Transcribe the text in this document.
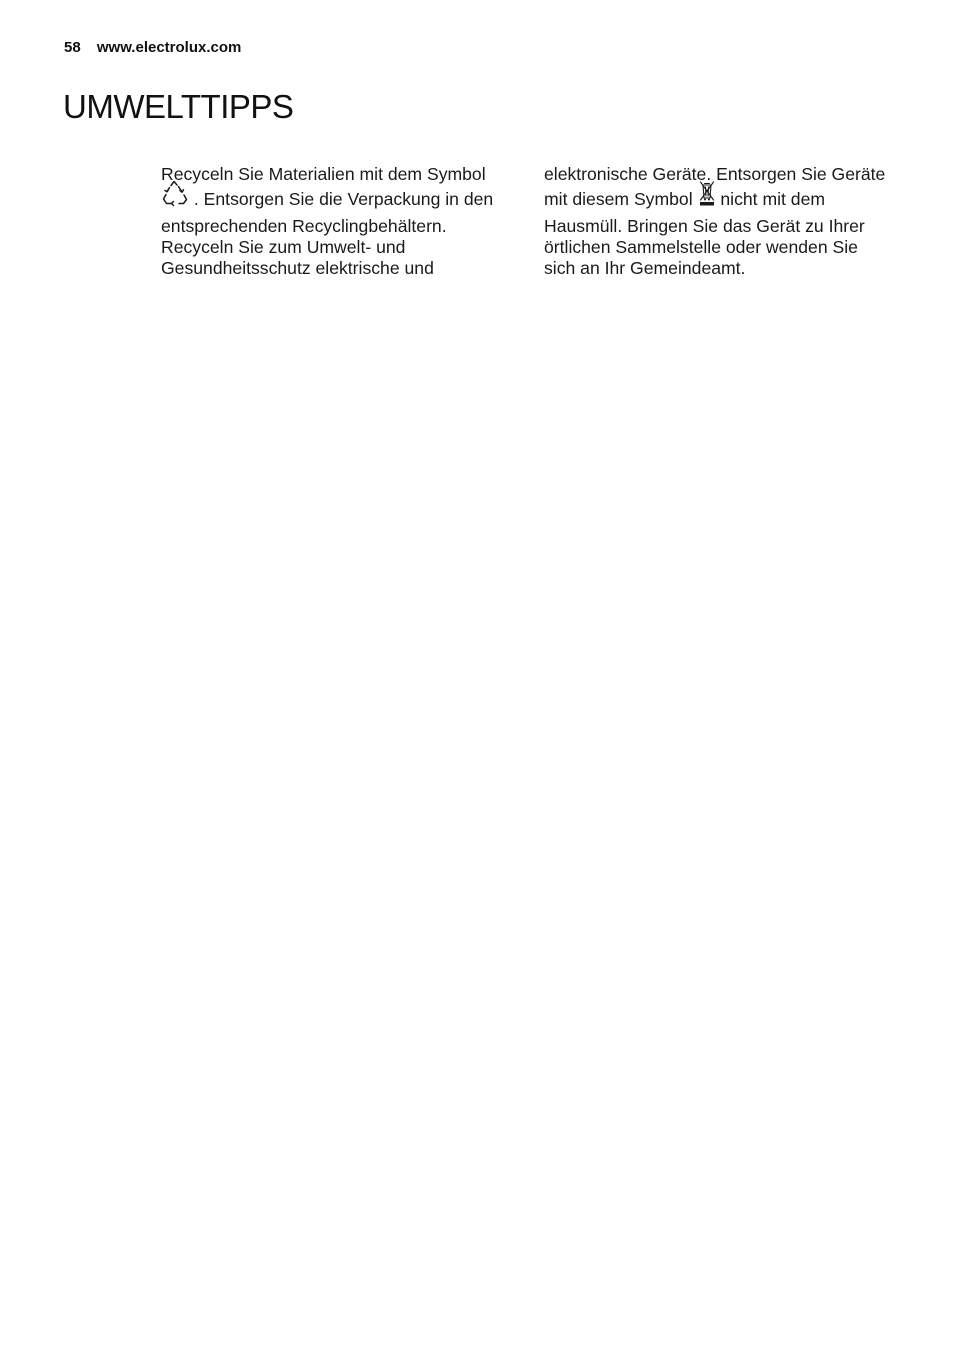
58 www.electrolux.com
UMWELTTIPPS
Recyceln Sie Materialien mit dem Symbol
. Entsorgen Sie die Verpackung in den
entsprechenden Recyclingbehältern.
Recyceln Sie zum Umwelt- und
Gesundheitsschutz elektrische und
elektronische Geräte. Entsorgen Sie Geräte
mit diesem Symbol  nicht mit dem
Hausmüll. Bringen Sie das Gerät zu Ihrer
örtlichen Sammelstelle oder wenden Sie
sich an Ihr Gemeindeamt.
